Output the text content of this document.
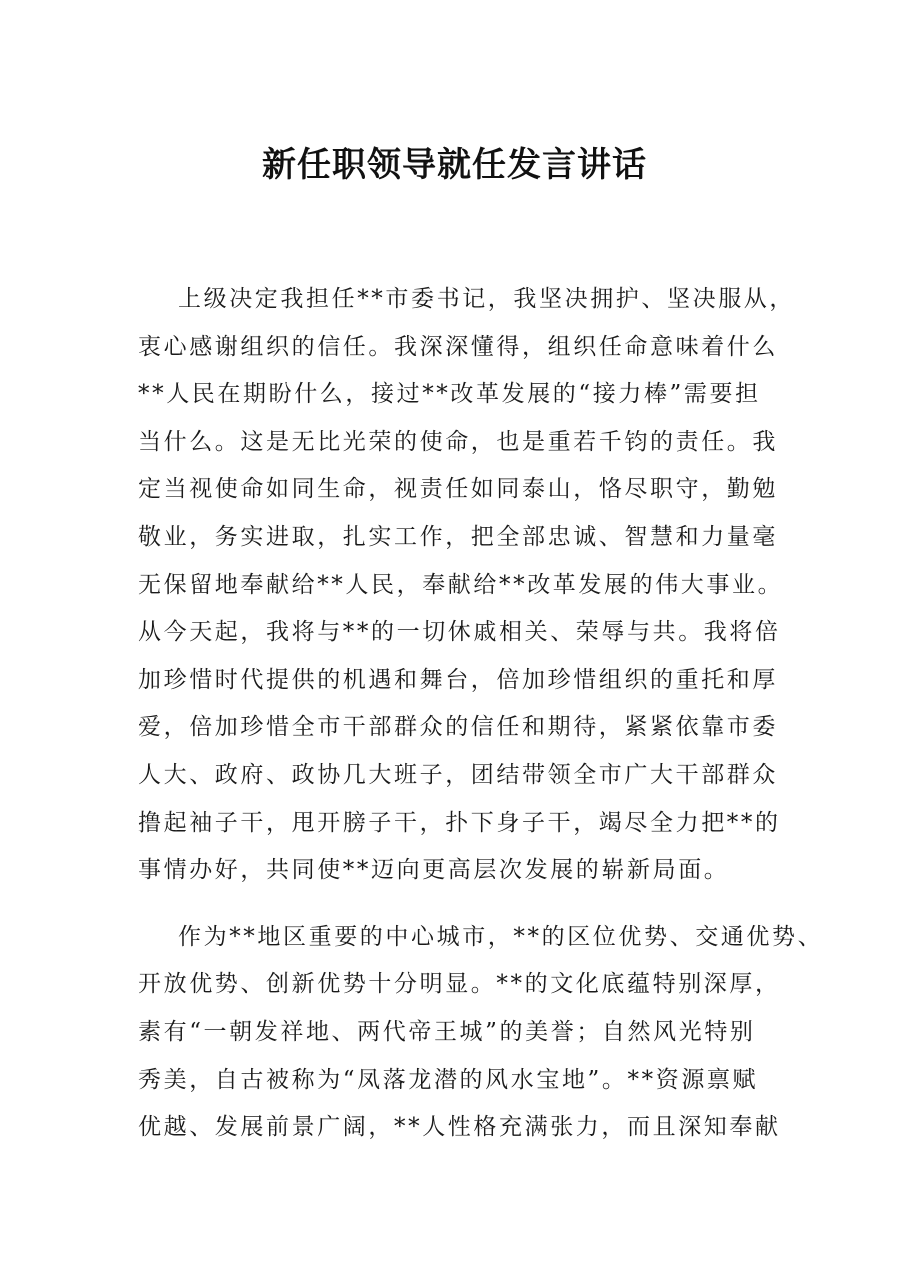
新任职领导就任发言讲话
上级决定我担任**市委书记，我坚决拥护、坚决服从，
衷心感谢组织的信任。我深深懂得，组织任命意味着什么
**人民在期盼什么，接过**改革发展的“接力棒”需要担
当什么。这是无比光荣的使命，也是重若千钧的责任。我
定当视使命如同生命，视责任如同泰山，恪尽职守，勤勉
敬业，务实进取，扎实工作，把全部忠诚、智慧和力量毫
无保留地奉献给**人民，奉献给**改革发展的伟大事业。
从今天起，我将与**的一切休戚相关、荣辱与共。我将倍
加珍惜时代提供的机遇和舞台，倍加珍惜组织的重托和厚
爱，倍加珍惜全市干部群众的信任和期待，紧紧依靠市委
人大、政府、政协几大班子，团结带领全市广大干部群众
撸起袖子干，甩开膀子干，扑下身子干，竭尽全力把**的
事情办好，共同使**迈向更高层次发展的崭新局面。
作为**地区重要的中心城市，**的区位优势、交通优势、
开放优势、创新优势十分明显。**的文化底蕴特别深厚，
素有“一朝发祥地、两代帝王城”的美誉；自然风光特别
秀美，自古被称为“凤落龙潜的风水宝地”。**资源禀赋
优越、发展前景广阔，**人性格充满张力，而且深知奉献
